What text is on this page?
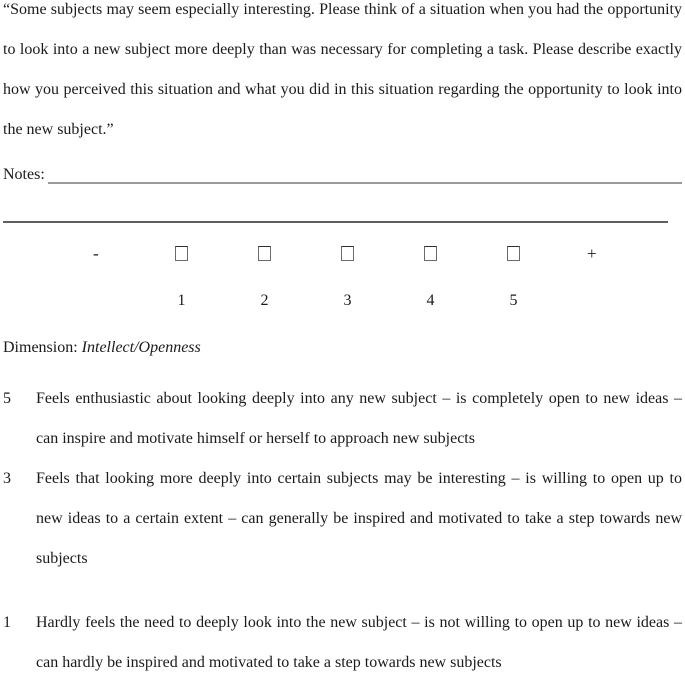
“Some subjects may seem especially interesting. Please think of a situation when you had the opportunity to look into a new subject more deeply than was necessary for completing a task. Please describe exactly how you perceived this situation and what you did in this situation regarding the opportunity to look into the new subject.”

Notes:
-	+
1	2	3	4	5

Dimension: Intellect/Openness

5	Feels enthusiastic about looking deeply into any new subject – is completely open to new ideas – can inspire and motivate himself or herself to approach new subjects
3	Feels that looking more deeply into certain subjects may be interesting – is willing to open up to new ideas to a certain extent – can generally be inspired and motivated to take a step towards new subjects
1	Hardly feels the need to deeply look into the new subject – is not willing to open up to new ideas – can hardly be inspired and motivated to take a step towards new subjects
